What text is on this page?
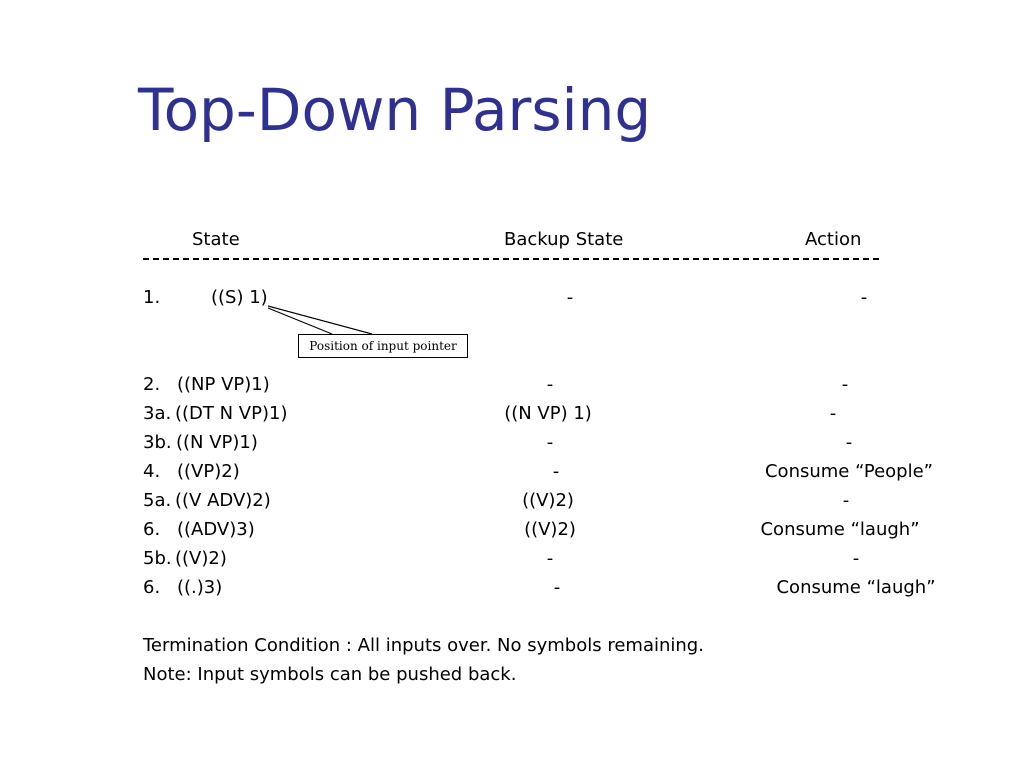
Top-Down Parsing
State	Backup State	Action
1.	((S) 1)	-	-
Position of input pointer
2. ((NP VP)1)	-	-
3a. ((DT N VP)1)	((N VP) 1)	-
3b. ((N VP)1)	-	-
4. ((VP)2)	-	Consume “People”
5a. ((V ADV)2)	((V)2)	-
6. ((ADV)3)	((V)2)	Consume “laugh”
5b. ((V)2)	-	-
6. ((.)3)	-	Consume “laugh”
Termination Condition : All inputs over. No symbols remaining.
Note: Input symbols can be pushed back.
